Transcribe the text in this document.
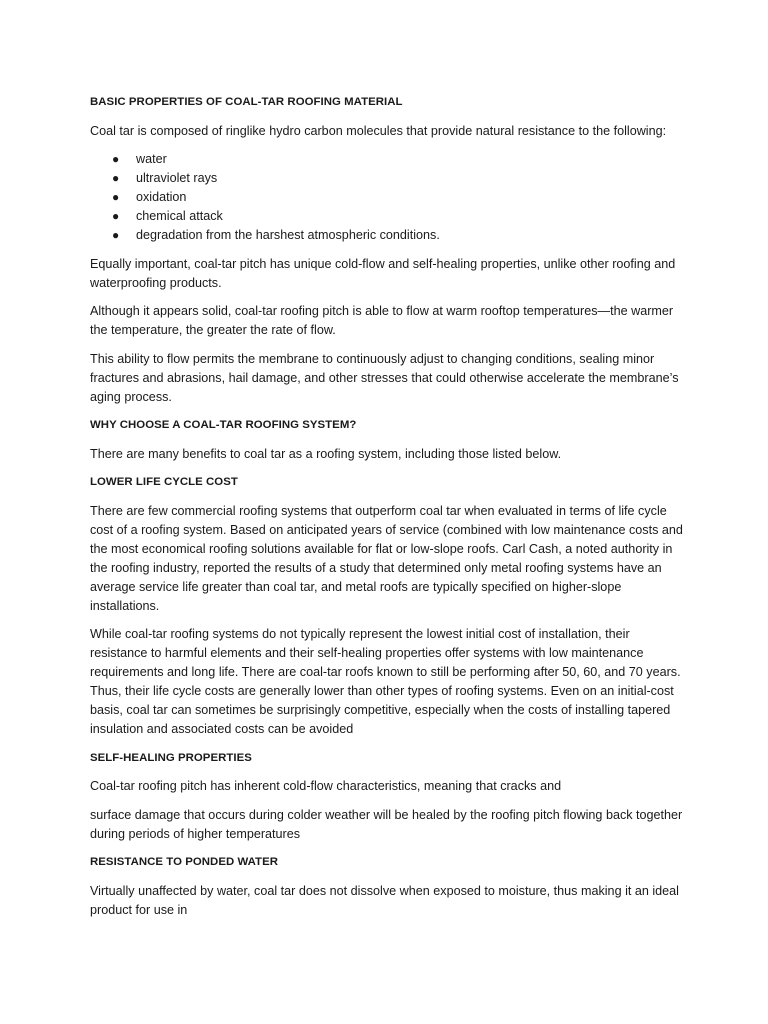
BASIC PROPERTIES OF COAL-TAR ROOFING MATERIAL

Coal tar is composed of ringlike hydro carbon molecules that provide natural resistance to the following:

● water
● ultraviolet rays
● oxidation
● chemical attack
● degradation from the harshest atmospheric conditions.

Equally important, coal-tar pitch has unique cold-flow and self-healing properties, unlike other roofing and waterproofing products.

Although it appears solid, coal-tar roofing pitch is able to flow at warm rooftop temperatures—the warmer the temperature, the greater the rate of flow.

This ability to flow permits the membrane to continuously adjust to changing conditions, sealing minor fractures and abrasions, hail damage, and other stresses that could otherwise accelerate the membrane’s aging process.

WHY CHOOSE A COAL-TAR ROOFING SYSTEM?

There are many benefits to coal tar as a roofing system, including those listed below.

LOWER LIFE CYCLE COST

There are few commercial roofing systems that outperform coal tar when evaluated in terms of life cycle cost of a roofing system. Based on anticipated years of service (combined with low maintenance costs and the most economical roofing solutions available for flat or low-slope roofs. Carl Cash, a noted authority in the roofing industry, reported the results of a study that determined only metal roofing systems have an average service life greater than coal tar, and metal roofs are typically specified on higher-slope installations.

While coal-tar roofing systems do not typically represent the lowest initial cost of installation, their resistance to harmful elements and their self-healing properties offer systems with low maintenance requirements and long life. There are coal-tar roofs known to still be performing after 50, 60, and 70 years. Thus, their life cycle costs are generally lower than other types of roofing systems. Even on an initial-cost basis, coal tar can sometimes be surprisingly competitive, especially when the costs of installing tapered insulation and associated costs can be avoided

SELF-HEALING PROPERTIES

Coal-tar roofing pitch has inherent cold-flow characteristics, meaning that cracks and

surface damage that occurs during colder weather will be healed by the roofing pitch flowing back together during periods of higher temperatures

RESISTANCE TO PONDED WATER

Virtually unaffected by water, coal tar does not dissolve when exposed to moisture, thus making it an ideal product for use in
